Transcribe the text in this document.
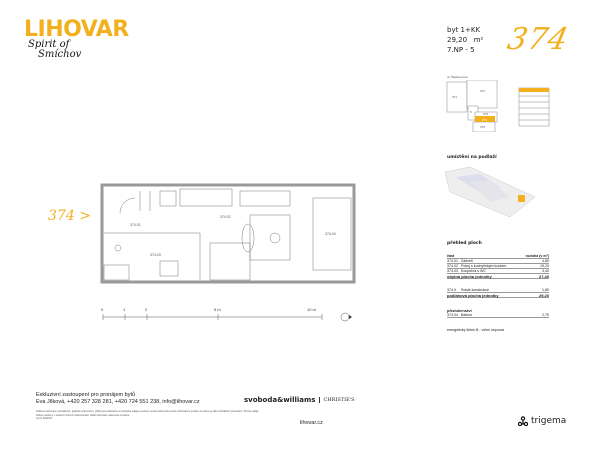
LIHOVAR
Spirit of
Smíchov
byt 1+KK
29,20 m²
7.NP - 5 374
ul. Šaldenerova
371
372
373
374
375
5
umístění na podlaží
374 >
374.01
374.02
374.03
374.04
0	1	2	5 m	10 m
přehled ploch
část	rozloha (v m²)
374.01 Zádveří	4,80
374.02 Pokoj s kuchyňským koutem	19,20
374.03 Koupelna s WC	3,40
obytná plocha jednotky	27,40
374.X	Svislé konstrukce	1,80
podlahová plocha jednotky	29,20
příslušenství
374.04 Balkón	2,70
energetický štítek B - velmi úsporná
Exkluzivní zastoupení pro pronájem bytů
Eva Jílková, +420 257 328 281, +420 724 551 238, info@lihovar.cz
Veškeré informace (vizualizace, grafické znázornění, půdorysné dispozice a technické údaje) uvedené na této kartě jsou pouze informativní povahy a mohou se lišit od finálního provedení. Přesné údaje budou uvedeny v budoucí smluvní dokumentaci. Další informace naleznete na webu.
verze 2024/03
svoboda&williams	CHRISTIE'S
lihovar.cz	trigema
